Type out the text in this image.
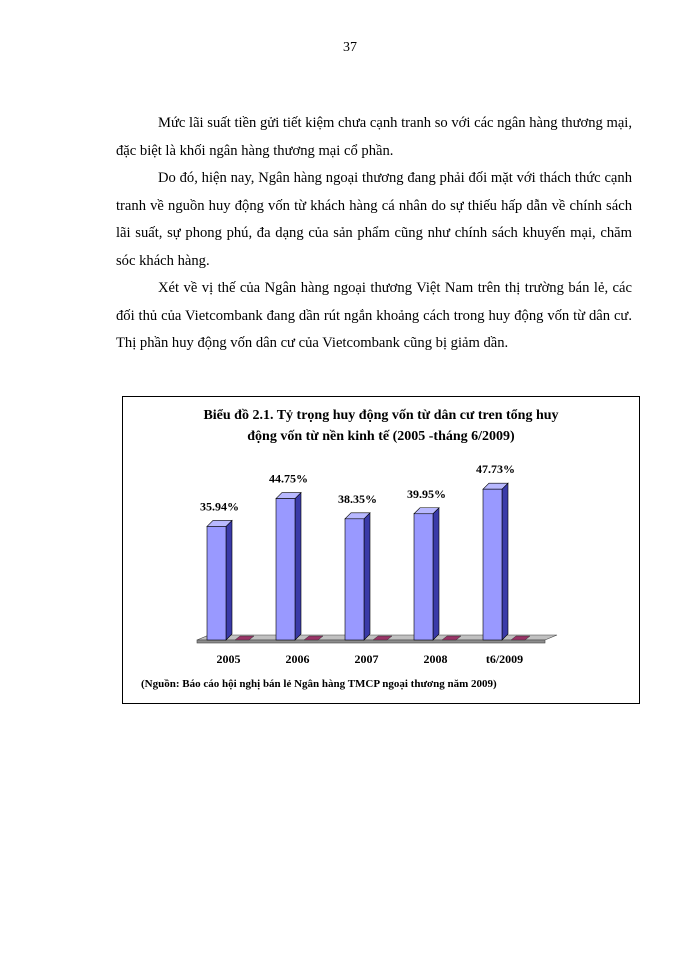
37

Mức lãi suất tiền gửi tiết kiệm chưa cạnh tranh so với các ngân hàng thương mại, đặc biệt là khối ngân hàng thương mại cổ phần.

Do đó, hiện nay, Ngân hàng ngoại thương đang phải đối mặt với thách thức cạnh tranh về nguồn huy động vốn từ khách hàng cá nhân do sự thiếu hấp dẫn về chính sách lãi suất, sự phong phú, đa dạng của sản phẩm cũng như chính sách khuyến mại, chăm sóc khách hàng.

Xét về vị thế của Ngân hàng ngoại thương Việt Nam trên thị trường bán lẻ, các đối thủ của Vietcombank đang dần rút ngắn khoảng cách trong huy động vốn từ dân cư. Thị phần huy động vốn dân cư của Vietcombank cũng bị giảm dần.

Biểu đồ 2.1. Tỷ trọng huy động vốn từ dân cư tren tổng huy
động vốn từ nền kinh tế (2005 -tháng 6/2009)
35.94%
2005
44.75%
2006
38.35%
2007
39.95%
2008
47.73%
t6/2009
(Nguồn: Báo cáo hội nghị bán lẻ Ngân hàng TMCP ngoại thương năm 2009)
